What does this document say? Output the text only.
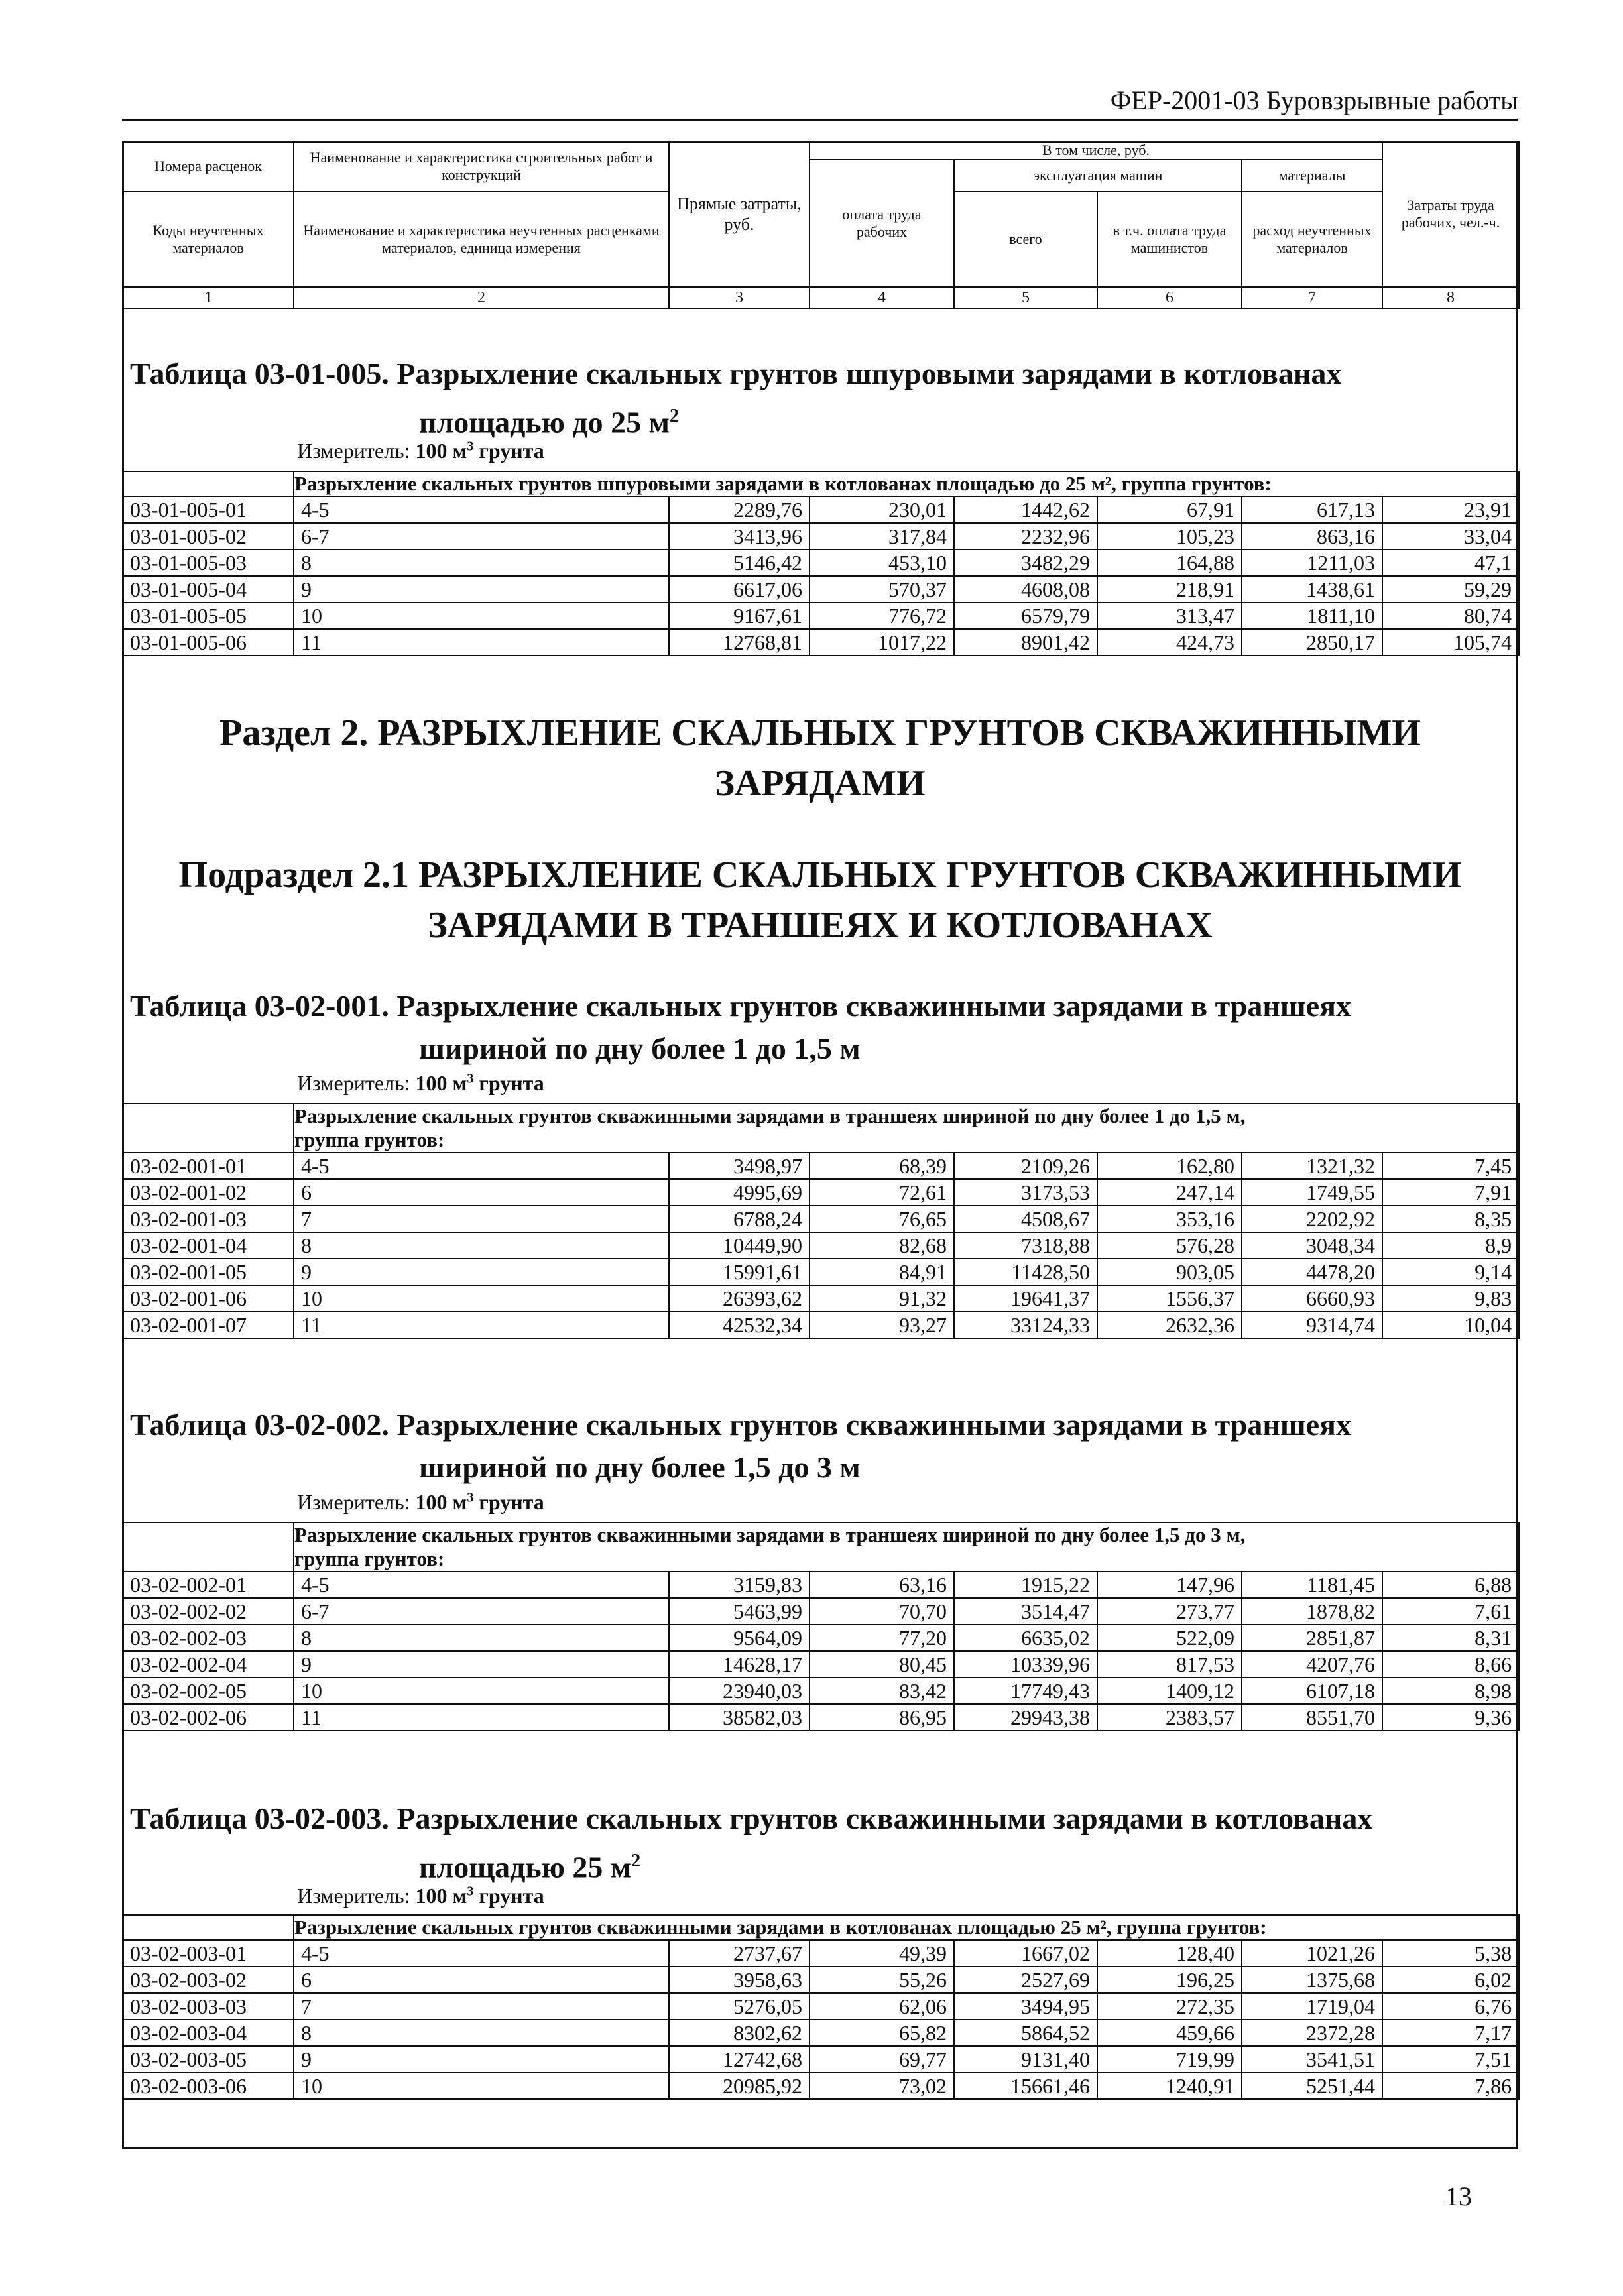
ФЕР-2001-03 Буровзрывные работы
Номера расценок	Наименование и характеристика строительных работ и конструкций	Прямые затраты, руб.	В том числе, руб.				Затраты труда рабочих, чел.-ч.
			оплата труда рабочих	эксплуатация машин		материалы	
Коды неучтенных материалов	Наименование и характеристика неучтенных расценками материалов, единица измерения			всего	в т.ч. оплата труда машинистов	расход неучтенных материалов	
1	2	3	4	5	6	7	8
Таблица 03-01-005. Разрыхление скальных грунтов шпуровыми зарядами в котлованах
площадью до 25 $м^2$
Измеритель: 100 $м^3$ грунта

	Разрыхление скальных грунтов шпуровыми зарядами в котлованах площадью до 25 м², группа грунтов:						

03-01-005-01	4-5	2289,76	230,01	1442,62	67,91	617,13	23,91
03-01-005-02	6-7	3413,96	317,84	2232,96	105,23	863,16	33,04
03-01-005-03	8	5146,42	453,10	3482,29	164,88	1211,03	47,1
03-01-005-04	9	6617,06	570,37	4608,08	218,91	1438,61	59,29
03-01-005-05	10	9167,61	776,72	6579,79	313,47	1811,10	80,74
03-01-005-06	11	12768,81	1017,22	8901,42	424,73	2850,17	105,74
Раздел 2. РАЗРЫХЛЕНИЕ СКАЛЬНЫХ ГРУНТОВ СКВАЖИННЫМИ
ЗАРЯДАМИ
Подраздел 2.1 РАЗРЫХЛЕНИЕ СКАЛЬНЫХ ГРУНТОВ СКВАЖИННЫМИ
ЗАРЯДАМИ В ТРАНШЕЯХ И КОТЛОВАНАХ
Таблица 03-02-001. Разрыхление скальных грунтов скважинными зарядами в траншеях
шириной по дну более 1 до 1,5 м
Измеритель: 100 $м^3$ грунта

	Разрыхление скальных грунтов скважинными зарядами в траншеях шириной по дну более 1 до 1,5 м,
группа грунтов:						

03-02-001-01	4-5	3498,97	68,39	2109,26	162,80	1321,32	7,45
03-02-001-02	6	4995,69	72,61	3173,53	247,14	1749,55	7,91
03-02-001-03	7	6788,24	76,65	4508,67	353,16	2202,92	8,35
03-02-001-04	8	10449,90	82,68	7318,88	576,28	3048,34	8,9
03-02-001-05	9	15991,61	84,91	11428,50	903,05	4478,20	9,14
03-02-001-06	10	26393,62	91,32	19641,37	1556,37	6660,93	9,83
03-02-001-07	11	42532,34	93,27	33124,33	2632,36	9314,74	10,04
Таблица 03-02-002. Разрыхление скальных грунтов скважинными зарядами в траншеях
шириной по дну более 1,5 до 3 м
Измеритель: 100 $м^3$ грунта

	Разрыхление скальных грунтов скважинными зарядами в траншеях шириной по дну более 1,5 до 3 м,
группа грунтов:						

03-02-002-01	4-5	3159,83	63,16	1915,22	147,96	1181,45	6,88
03-02-002-02	6-7	5463,99	70,70	3514,47	273,77	1878,82	7,61
03-02-002-03	8	9564,09	77,20	6635,02	522,09	2851,87	8,31
03-02-002-04	9	14628,17	80,45	10339,96	817,53	4207,76	8,66
03-02-002-05	10	23940,03	83,42	17749,43	1409,12	6107,18	8,98
03-02-002-06	11	38582,03	86,95	29943,38	2383,57	8551,70	9,36
Таблица 03-02-003. Разрыхление скальных грунтов скважинными зарядами в котлованах
площадью 25 $м^2$
Измеритель: 100 $м^3$ грунта

	Разрыхление скальных грунтов скважинными зарядами в котлованах площадью 25 м², группа грунтов:						

03-02-003-01	4-5	2737,67	49,39	1667,02	128,40	1021,26	5,38
03-02-003-02	6	3958,63	55,26	2527,69	196,25	1375,68	6,02
03-02-003-03	7	5276,05	62,06	3494,95	272,35	1719,04	6,76
03-02-003-04	8	8302,62	65,82	5864,52	459,66	2372,28	7,17
03-02-003-05	9	12742,68	69,77	9131,40	719,99	3541,51	7,51
03-02-003-06	10	20985,92	73,02	15661,46	1240,91	5251,44	7,86
13
